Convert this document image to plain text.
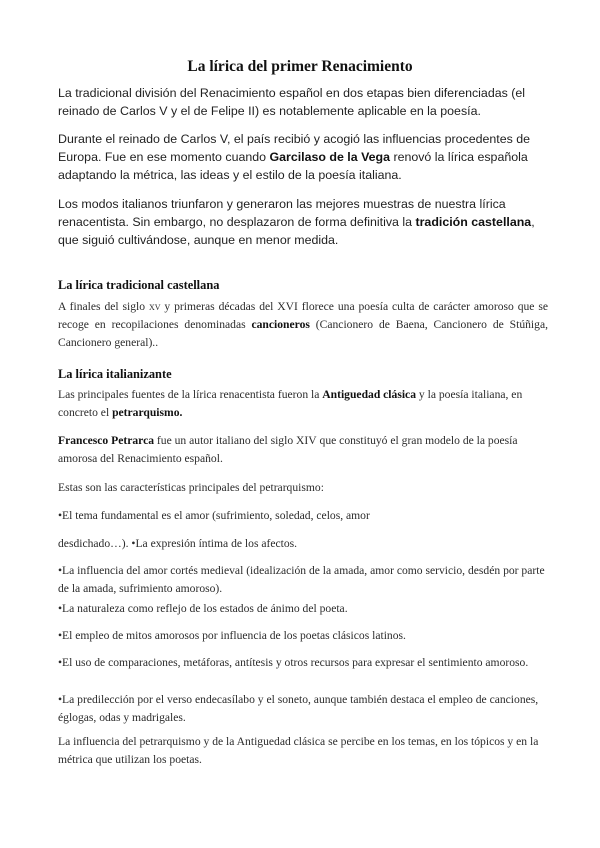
La lírica del primer Renacimiento

La tradicional división del Renacimiento español en dos etapas bien diferenciadas (el reinado de Carlos V y el de Felipe II) es notablemente aplicable en la poesía.

Durante el reinado de Carlos V, el país recibió y acogió las influencias procedentes de Europa. Fue en ese momento cuando Garcilaso de la Vega renovó la lírica española adaptando la métrica, las ideas y el estilo de la poesía italiana.

Los modos italianos triunfaron y generaron las mejores muestras de nuestra lírica renacentista. Sin embargo, no desplazaron de forma definitiva la tradición castellana, que siguió cultivándose, aunque en menor medida.

La lírica tradicional castellana

A finales del siglo xv y primeras décadas del XVI florece una poesía culta de carácter amoroso que se recoge en recopilaciones denominadas cancioneros (Cancionero de Baena, Cancionero de Stúñiga, Cancionero general)..

La lírica italianizante

Las principales fuentes de la lírica renacentista fueron la Antiguedad clásica y la poesía italiana, en concreto el petrarquismo.

Francesco Petrarca fue un autor italiano del siglo XIV que constituyó el gran modelo de la poesía amorosa del Renacimiento español.

Estas son las características principales del petrarquismo:

•El tema fundamental es el amor (sufrimiento, soledad, celos, amor

desdichado…). •La expresión íntima de los afectos.

•La influencia del amor cortés medieval (idealización de la amada, amor como servicio, desdén por parte de la amada, sufrimiento amoroso).

•La naturaleza como reflejo de los estados de ánimo del poeta.

•El empleo de mitos amorosos por influencia de los poetas clásicos latinos.

•El uso de comparaciones, metáforas, antítesis y otros recursos para expresar el sentimiento amoroso.

•La predilección por el verso endecasílabo y el soneto, aunque también destaca el empleo de canciones, églogas, odas y madrigales.

La influencia del petrarquismo y de la Antiguedad clásica se percibe en los temas, en los tópicos y en la métrica que utilizan los poetas.
